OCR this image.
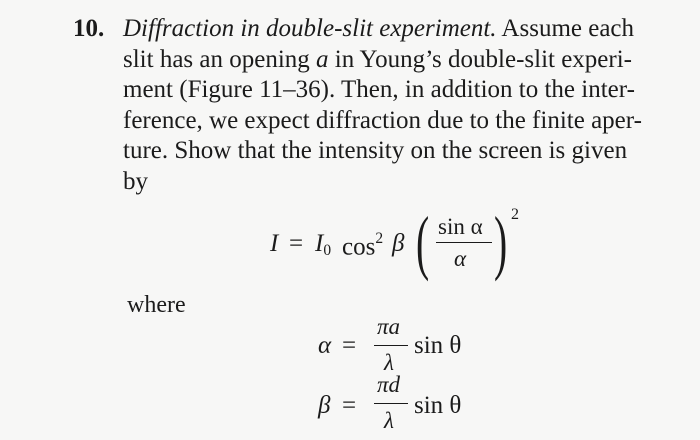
10. Diffraction in double-slit experiment. Assume each
slit has an opening a in Young’s double-slit experi-
ment (Figure 11–36). Then, in addition to the inter-
ference, we expect diffraction due to the finite aper-
ture. Show that the intensity on the screen is given
by
$I = I_0$ $\cos^2 \beta$ ( sin α
α ) 2
where
α =
πa
λ
sin θ
β =
πd
λ
sin θ
